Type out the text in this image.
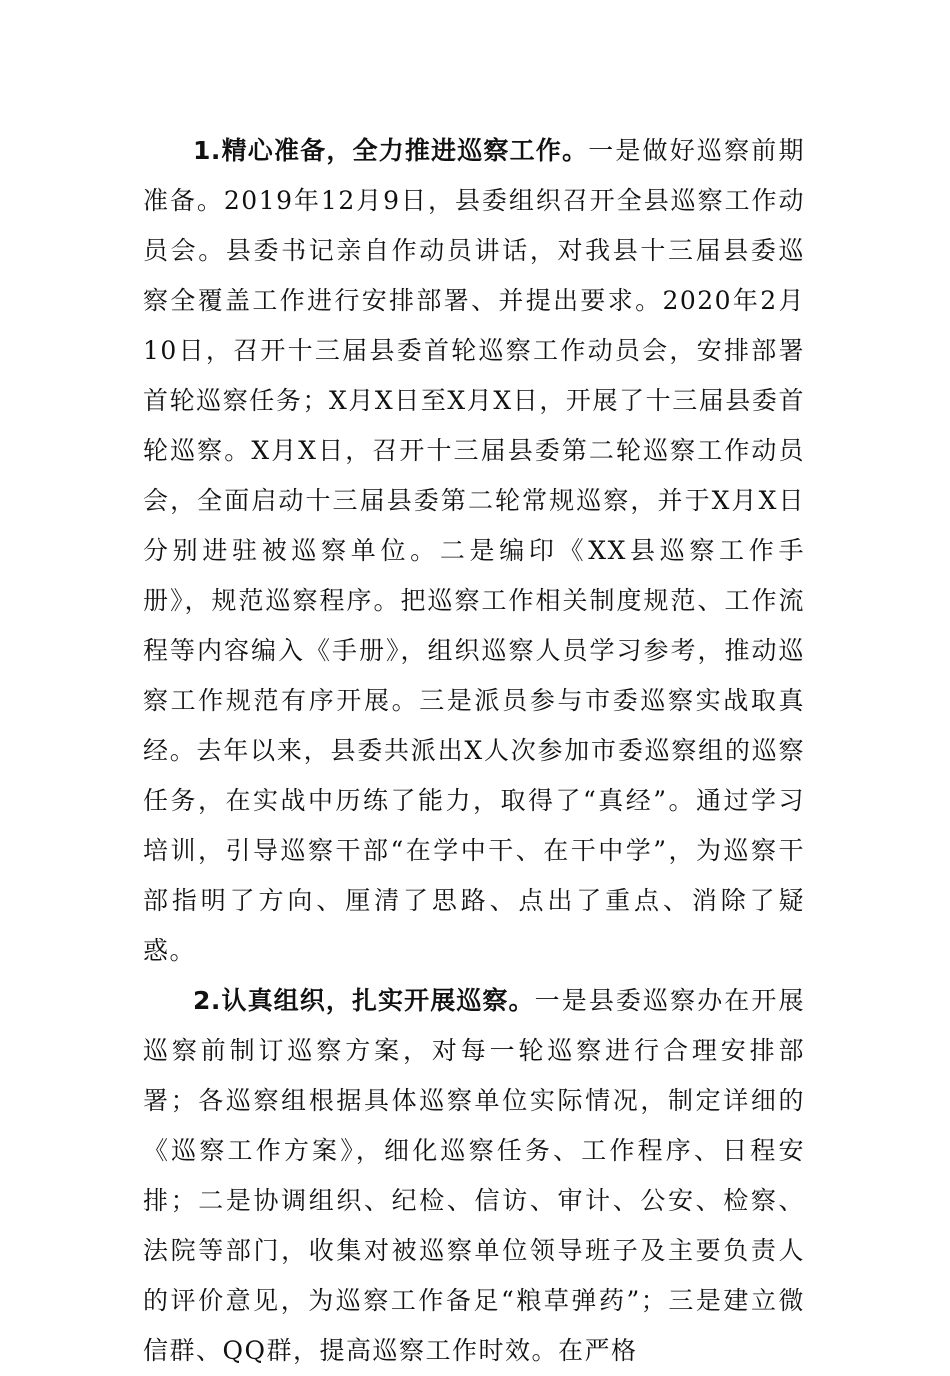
1.精心准备，全力推进巡察工作。一是做好巡察前期准备。2019年12月9日，县委组织召开全县巡察工作动员会。县委书记亲自作动员讲话，对我县十三届县委巡察全覆盖工作进行安排部署、并提出要求。2020年2月10日，召开十三届县委首轮巡察工作动员会，安排部署首轮巡察任务；X月X日至X月X日，开展了十三届县委首轮巡察。X月X日，召开十三届县委第二轮巡察工作动员会，全面启动十三届县委第二轮常规巡察，并于X月X日分别进驻被巡察单位。二是编印《XX县巡察工作手册》，规范巡察程序。把巡察工作相关制度规范、工作流程等内容编入《手册》，组织巡察人员学习参考，推动巡察工作规范有序开展。三是派员参与市委巡察实战取真经。去年以来，县委共派出X人次参加市委巡察组的巡察任务，在实战中历练了能力，取得了“真经”。通过学习培训，引导巡察干部“在学中干、在干中学”，为巡察干部指明了方向、厘清了思路、点出了重点、消除了疑惑。

2.认真组织，扎实开展巡察。一是县委巡察办在开展巡察前制订巡察方案，对每一轮巡察进行合理安排部署；各巡察组根据具体巡察单位实际情况，制定详细的《巡察工作方案》，细化巡察任务、工作程序、日程安排；二是协调组织、纪检、信访、审计、公安、检察、法院等部门，收集对被巡察单位领导班子及主要负责人的评价意见，为巡察工作备足“粮草弹药”；三是建立微信群、QQ群，提高巡察工作时效。在严格
